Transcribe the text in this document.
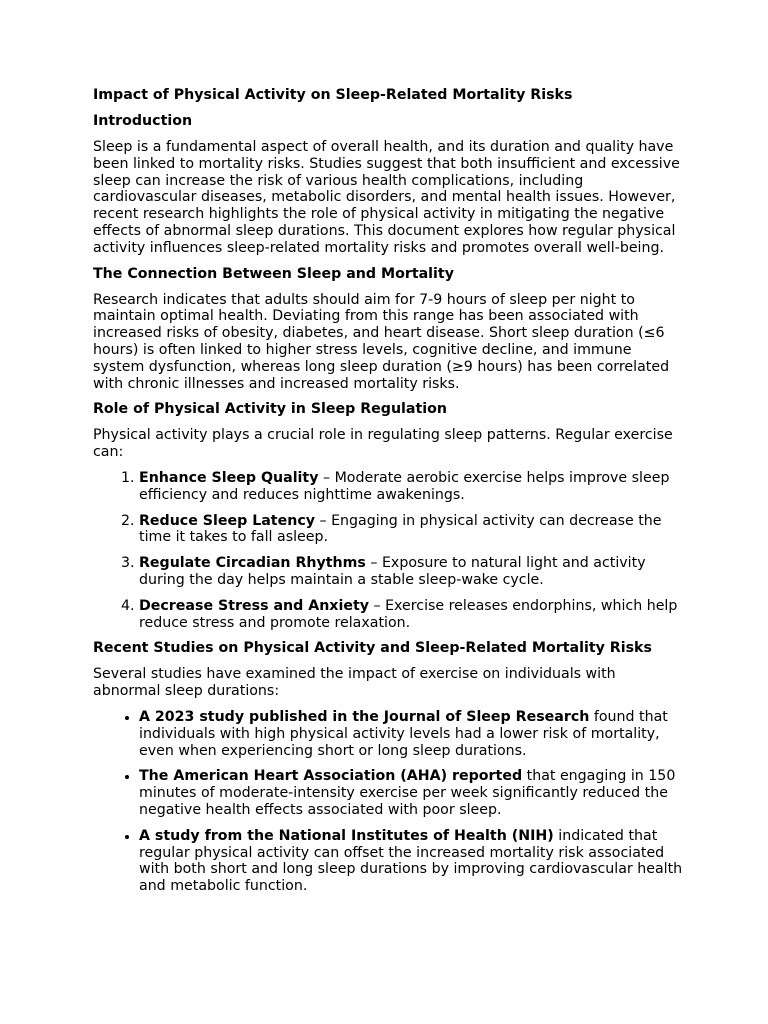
Impact of Physical Activity on Sleep-Related Mortality Risks
Introduction

Sleep is a fundamental aspect of overall health, and its duration and quality have been linked to mortality risks. Studies suggest that both insufficient and excessive sleep can increase the risk of various health complications, including cardiovascular diseases, metabolic disorders, and mental health issues. However, recent research highlights the role of physical activity in mitigating the negative effects of abnormal sleep durations. This document explores how regular physical activity influences sleep-related mortality risks and promotes overall well-being.

The Connection Between Sleep and Mortality

Research indicates that adults should aim for 7-9 hours of sleep per night to maintain optimal health. Deviating from this range has been associated with increased risks of obesity, diabetes, and heart disease. Short sleep duration (≤6 hours) is often linked to higher stress levels, cognitive decline, and immune system dysfunction, whereas long sleep duration (≥9 hours) has been correlated with chronic illnesses and increased mortality risks.

Role of Physical Activity in Sleep Regulation

Physical activity plays a crucial role in regulating sleep patterns. Regular exercise can:

1. Enhance Sleep Quality – Moderate aerobic exercise helps improve sleep efficiency and reduces nighttime awakenings.
2. Reduce Sleep Latency – Engaging in physical activity can decrease the time it takes to fall asleep.
3. Regulate Circadian Rhythms – Exposure to natural light and activity during the day helps maintain a stable sleep-wake cycle.
4. Decrease Stress and Anxiety – Exercise releases endorphins, which help reduce stress and promote relaxation.
Recent Studies on Physical Activity and Sleep-Related Mortality Risks

Several studies have examined the impact of exercise on individuals with abnormal sleep durations:

• A 2023 study published in the Journal of Sleep Research found that individuals with high physical activity levels had a lower risk of mortality, even when experiencing short or long sleep durations.
• The American Heart Association (AHA) reported that engaging in 150 minutes of moderate-intensity exercise per week significantly reduced the negative health effects associated with poor sleep.
• A study from the National Institutes of Health (NIH) indicated that regular physical activity can offset the increased mortality risk associated with both short and long sleep durations by improving cardiovascular health and metabolic function.
